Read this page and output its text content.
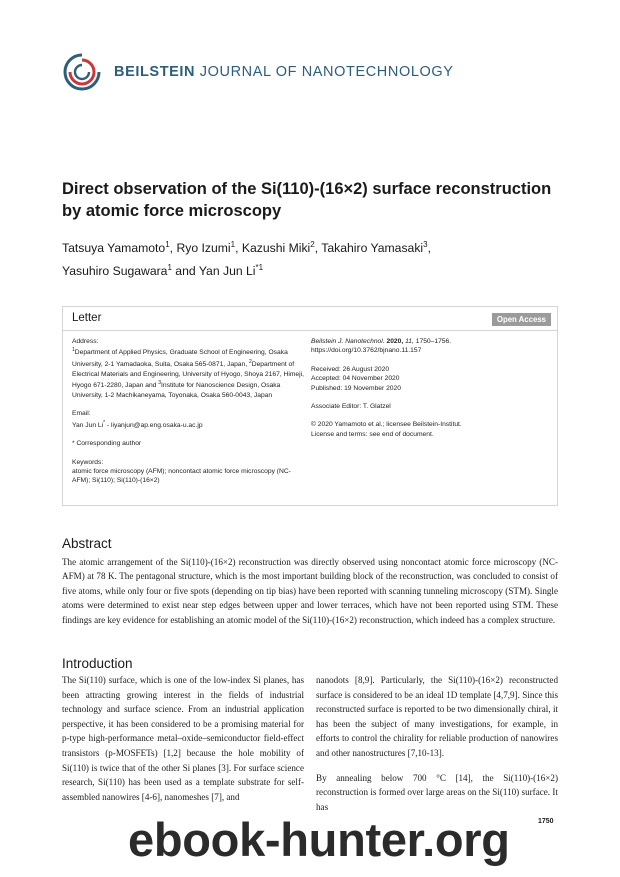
BEILSTEIN JOURNAL OF NANOTECHNOLOGY
Direct observation of the Si(110)-(16×2) surface reconstruction by atomic force microscopy
Tatsuya Yamamoto$^1$, Ryo Izumi$^1$, Kazushi Miki$^2$, Takahiro Yamasaki$^3$,
Yasuhiro Sugawara$^1$ and Yan Jun Li$^{*1}$
Letter	Open Access
Address:
$^1$Department of Applied Physics, Graduate School of Engineering, Osaka University, 2-1 Yamadaoka, Suita, Osaka 565-0871, Japan, $^2$Department of Electrical Materials and Engineering, University of Hyogo, Shoya 2167, Himeji, Hyogo 671-2280, Japan and $^3$Institute for Nanoscience Design, Osaka University, 1-2 Machikaneyama, Toyonaka, Osaka 560-0043, Japan
Email:
Yan Jun Li* - liyanjun@ap.eng.osaka-u.ac.jp
* Corresponding author
Keywords:
atomic force microscopy (AFM); noncontact atomic force microscopy (NC-AFM); Si(110); Si(110)-(16×2)
Beilstein J. Nanotechnol. 2020, 11, 1750–1756.
https://doi.org/10.3762/bjnano.11.157
Received: 26 August 2020
Accepted: 04 November 2020
Published: 19 November 2020
Associate Editor: T. Glatzel
© 2020 Yamamoto et al.; licensee Beilstein-Institut.
License and terms: see end of document.
Abstract
The atomic arrangement of the Si(110)-(16×2) reconstruction was directly observed using noncontact atomic force microscopy (NC-AFM) at 78 K. The pentagonal structure, which is the most important building block of the reconstruction, was concluded to consist of five atoms, while only four or five spots (depending on tip bias) have been reported with scanning tunneling microscopy (STM). Single atoms were determined to exist near step edges between upper and lower terraces, which have not been reported using STM. These findings are key evidence for establishing an atomic model of the Si(110)-(16×2) reconstruction, which indeed has a complex structure.
Introduction
The Si(110) surface, which is one of the low-index Si planes, has been attracting growing interest in the fields of industrial technology and surface science. From an industrial application perspective, it has been considered to be a promising material for p-type high-performance metal–oxide–semiconductor field-effect transistors (p-MOSFETs) [1,2] because the hole mobility of Si(110) is twice that of the other Si planes [3]. For surface science research, Si(110) has been used as a template substrate for self-assembled nanowires [4-6], nanomeshes [7], and
nanodots [8,9]. Particularly, the Si(110)-(16×2) reconstructed surface is considered to be an ideal 1D template [4,7,9]. Since this reconstructed surface is reported to be two dimensionally chiral, it has been the subject of many investigations, for example, in efforts to control the chirality for reliable production of nanowires and other nanostructures [7,10-13].
By annealing below 700 °C [14], the Si(110)-(16×2) reconstruction is formed over large areas on the Si(110) surface. It has
1750
ebook-hunter.org
